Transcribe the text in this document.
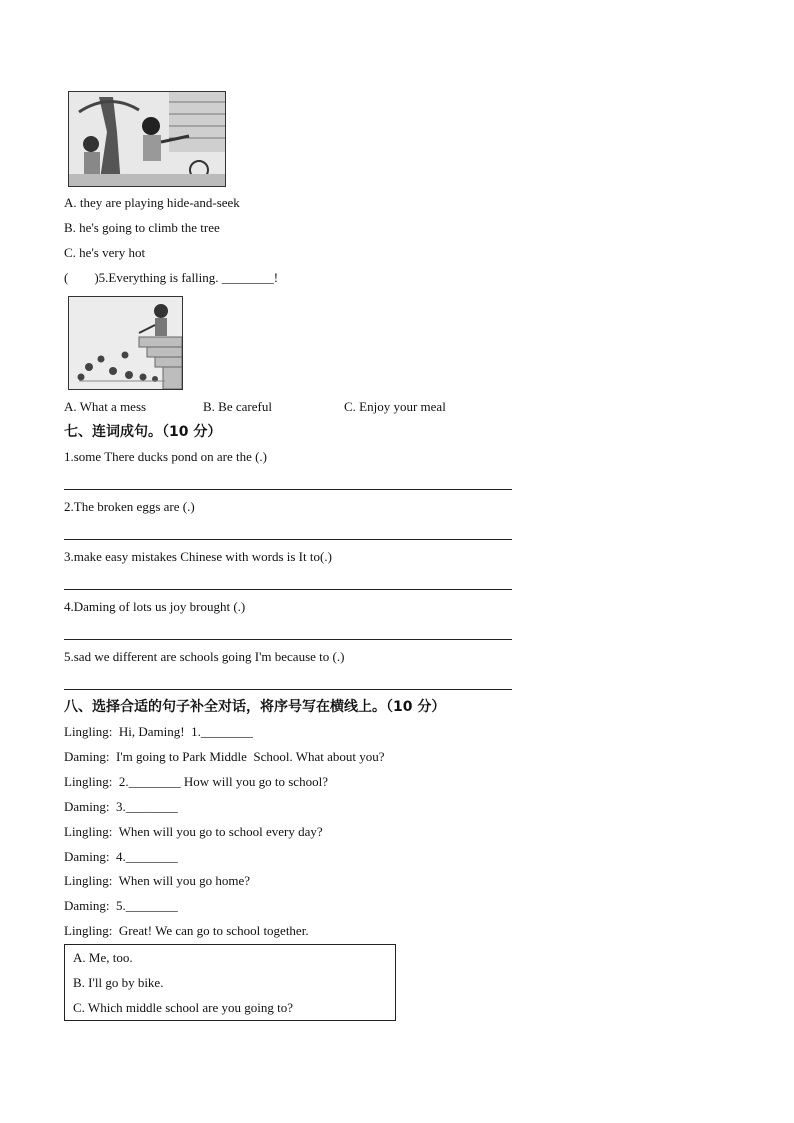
A. they are playing hide-and-seek
B. he's going to climb the tree
C. he's very hot
(        )5.Everything is falling. ________!
A. What a mess	B. Be careful	C. Enjoy your meal
七、连词成句。（10 分）
1.some There ducks pond on are the (.)
2.The broken eggs are (.)
3.make easy mistakes Chinese with words is It to(.)
4.Daming of lots us joy brought (.)
5.sad we different are schools going I'm because to (.)
八、选择合适的句子补全对话，将序号写在横线上。（10 分）
Lingling:  Hi, Daming!  1.________
Daming:  I'm going to Park Middle  School. What about you?
Lingling:  2.________ How will you go to school?
Daming:  3.________
Lingling:  When will you go to school every day?
Daming:  4.________
Lingling:  When will you go home?
Daming:  5.________
Lingling:  Great! We can go to school together.
A. Me, too.
B. I'll go by bike.
C. Which middle school are you going to?
